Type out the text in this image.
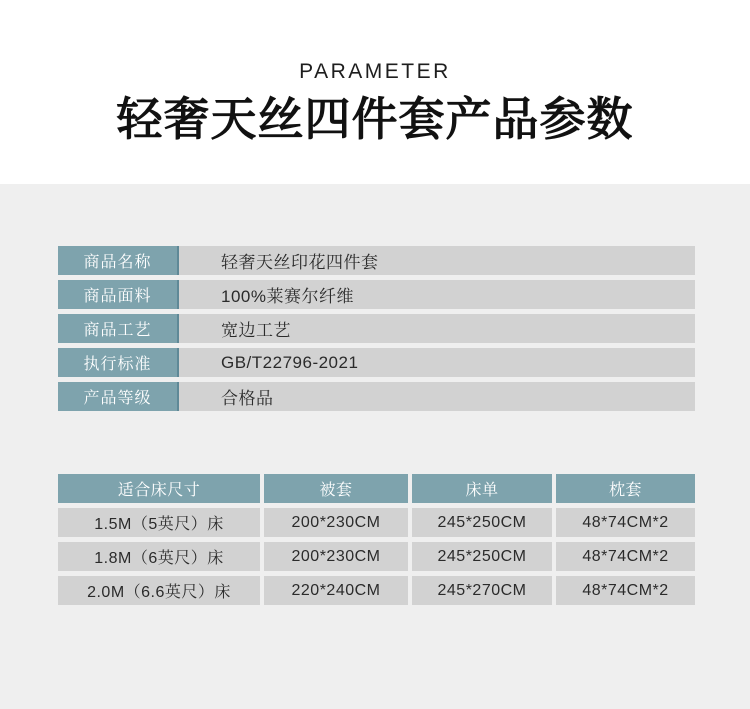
PARAMETER
轻奢天丝四件套产品参数
商品名称	轻奢天丝印花四件套
商品面料	100%莱赛尔纤维
商品工艺	宽边工艺
执行标准	GB/T22796-2021
产品等级	合格品
适合床尺寸	被套	床单	枕套
1.5M（5英尺）床	200*230CM	245*250CM	48*74CM*2
1.8M（6英尺）床	200*230CM	245*250CM	48*74CM*2
2.0M（6.6英尺）床	220*240CM	245*270CM	48*74CM*2
